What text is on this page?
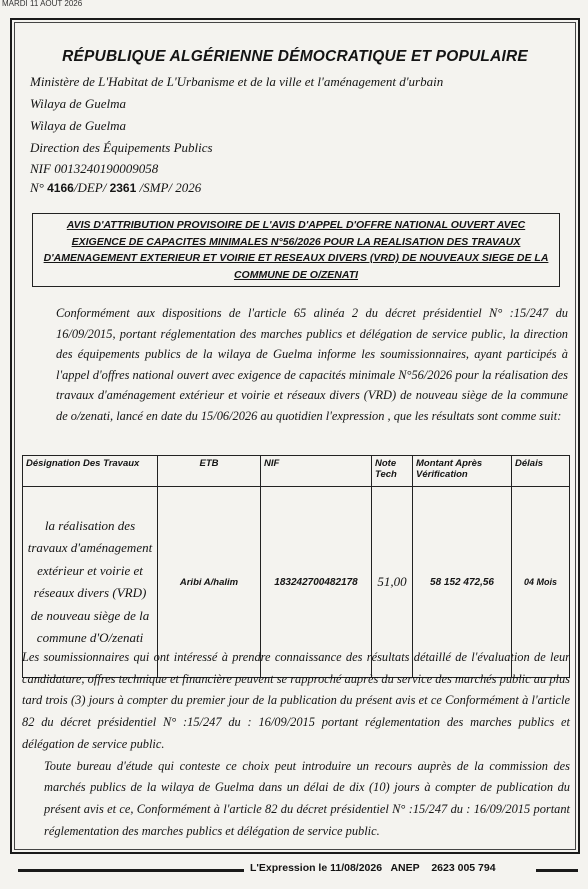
MARDI 11 AOUT 2026
RÉPUBLIQUE ALGÉRIENNE DÉMOCRATIQUE ET POPULAIRE
Ministère de L'Habitat de L'Urbanisme et de la ville et l'aménagement d'urbain
Wilaya de Guelma
Wilaya de Guelma
Direction des Équipements Publics
NIF 0013240190009058
N° 4166/DEP/ 2361 /SMP/ 2026
AVIS D'ATTRIBUTION PROVISOIRE DE L'AVIS D'APPEL D'OFFRE NATIONAL OUVERT AVEC EXIGENCE DE CAPACITES MINIMALES N°56/2026 POUR LA REALISATION DES TRAVAUX D'AMENAGEMENT EXTERIEUR ET VOIRIE ET RESEAUX DIVERS (VRD) DE NOUVEAUX SIEGE DE LA COMMUNE DE O/ZENATI

Conformément aux dispositions de l'article 65 alinéa 2 du décret présidentiel N° :15/247 du 16/09/2015, portant réglementation des marches publics et délégation de service public, la direction des équipements publics de la wilaya de Guelma informe les soumissionnaires, ayant participés à l'appel d'offres national ouvert avec exigence de capacités minimale N°56/2026 pour la réalisation des travaux d'aménagement extérieur et voirie et réseaux divers (VRD) de nouveau siège de la commune de o/zenati, lancé en date du 15/06/2026 au quotidien l'expression , que les résultats sont comme suit:

Désignation Des Travaux	ETB	NIF	Note Tech	Montant Après Vérification	Délais
la réalisation des travaux d'aménagement extérieur et voirie et réseaux divers (VRD) de nouveau siège de la commune d'O/zenati	Aribi A/halim	183242700482178	51,00	58 152 472,56	04 Mois

Les soumissionnaires qui ont intéressé à prendre connaissance des résultats détaillé de l'évaluation de leur candidature, offres technique et financière peuvent se rapproché auprès du service des marchés public au plus tard trois (3) jours à compter du premier jour de la publication du présent avis et ce Conformément à l'article 82 du décret présidentiel N° :15/247 du : 16/09/2015 portant réglementation des marches publics et délégation de service public.

Toute bureau d'étude qui conteste ce choix peut introduire un recours auprès de la commission des marchés publics de la wilaya de Guelma dans un délai de dix (10) jours à compter de publication du présent avis et ce, Conformément à l'article 82 du décret présidentiel N° :15/247 du : 16/09/2015 portant réglementation des marches publics et délégation de service public.

L'Expression le 11/08/2026 ANEP 2623 005 794
